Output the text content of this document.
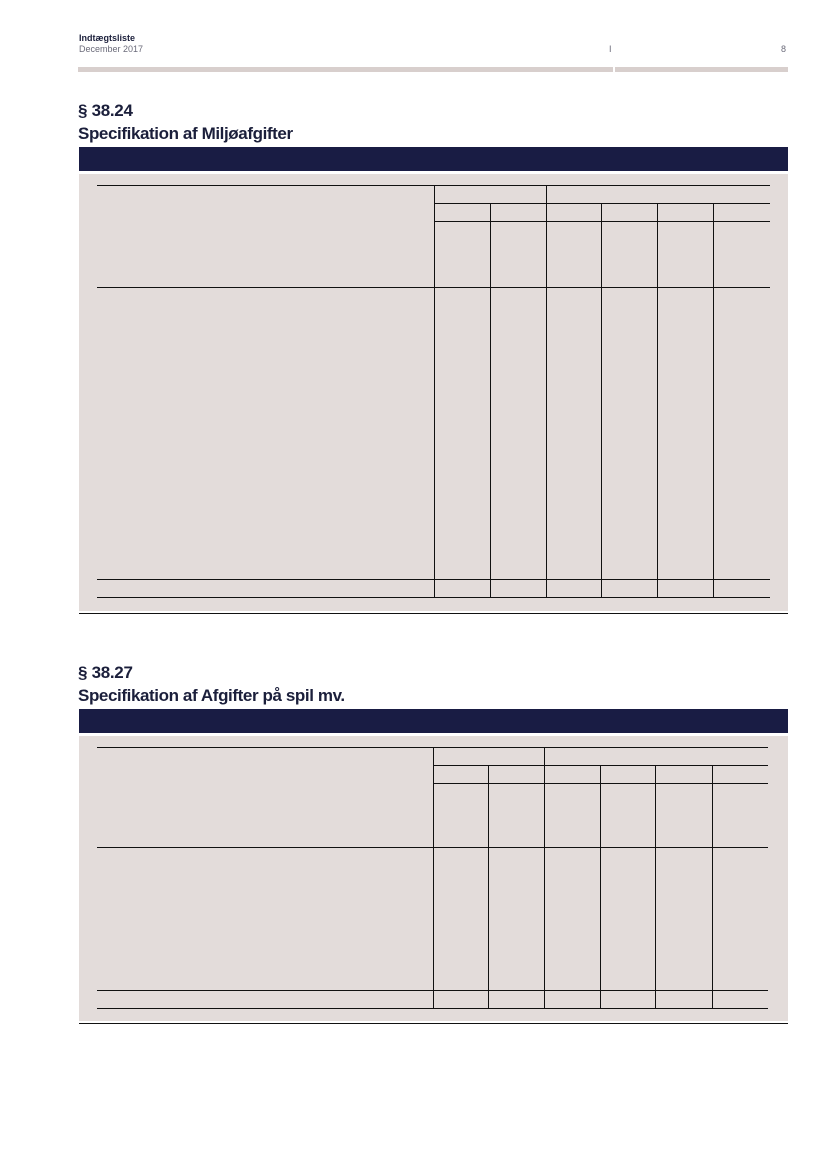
Indtægtsliste
December 2017	I	8
§ 38.24
Specifikation af Miljøafgifter
§ 38.27
Specifikation af Afgifter på spil mv.
